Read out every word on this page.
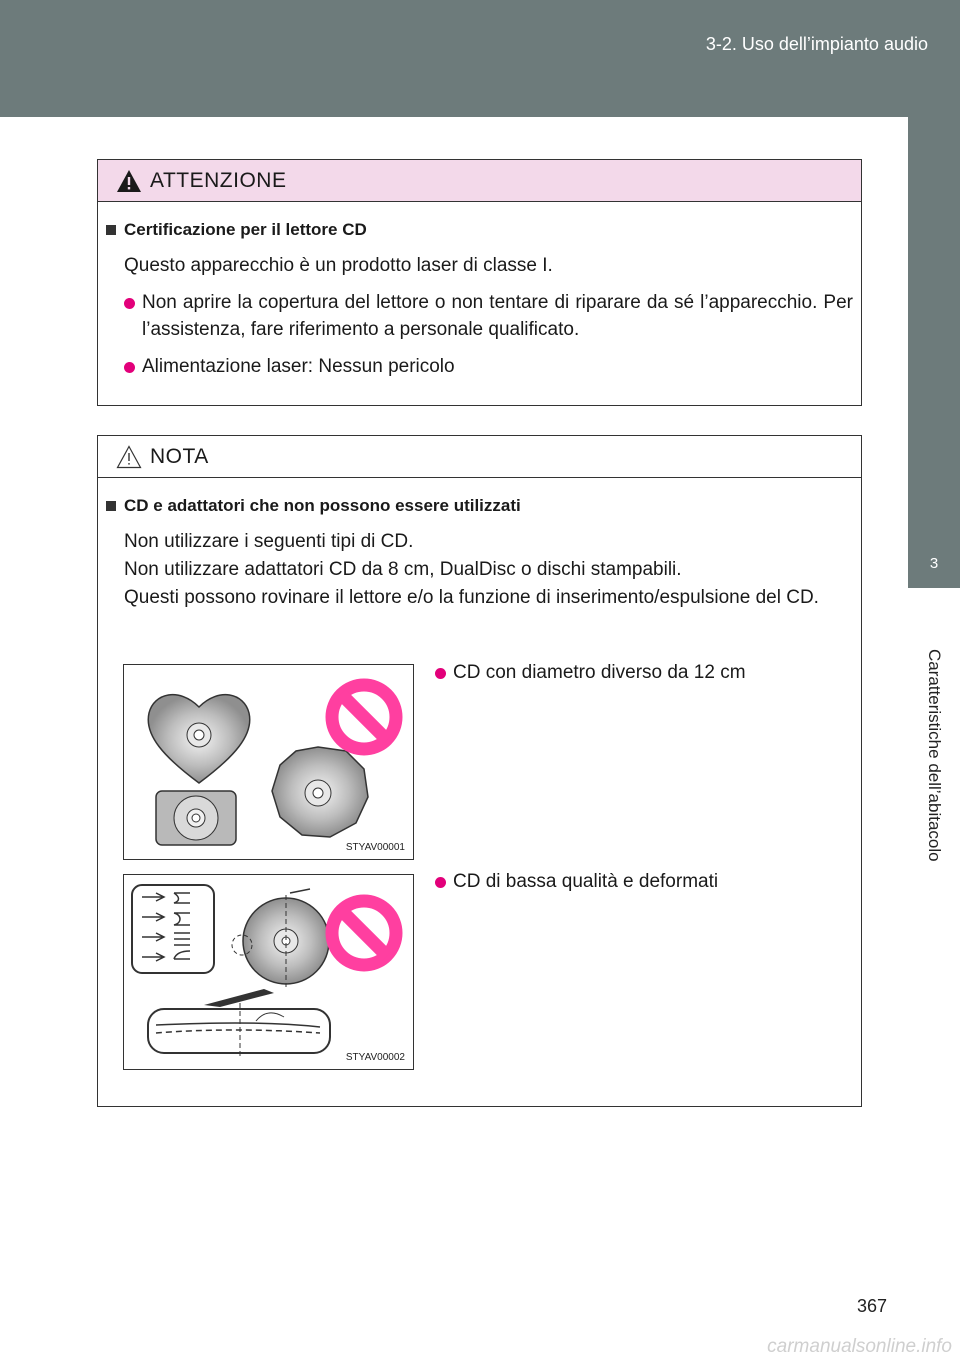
3-2. Uso dell’impianto audio
3
Caratteristiche dell’abitacolo
ATTENZIONE
Certificazione per il lettore CD
Questo apparecchio è un prodotto laser di classe I.
Non aprire la copertura del lettore o non tentare di riparare da sé l’apparecchio. Per l’assistenza, fare riferimento a personale qualificato.
Alimentazione laser: Nessun pericolo
NOTA
CD e adattatori che non possono essere utilizzati
Non utilizzare i seguenti tipi di CD.
Non utilizzare adattatori CD da 8 cm, DualDisc o dischi stampabili.
Questi possono rovinare il lettore e/o la funzione di inserimento/espulsione del CD.
STYAV00001
CD con diametro diverso da 12 cm
STYAV00002
CD di bassa qualità e deformati
367
carmanualsonline.info
